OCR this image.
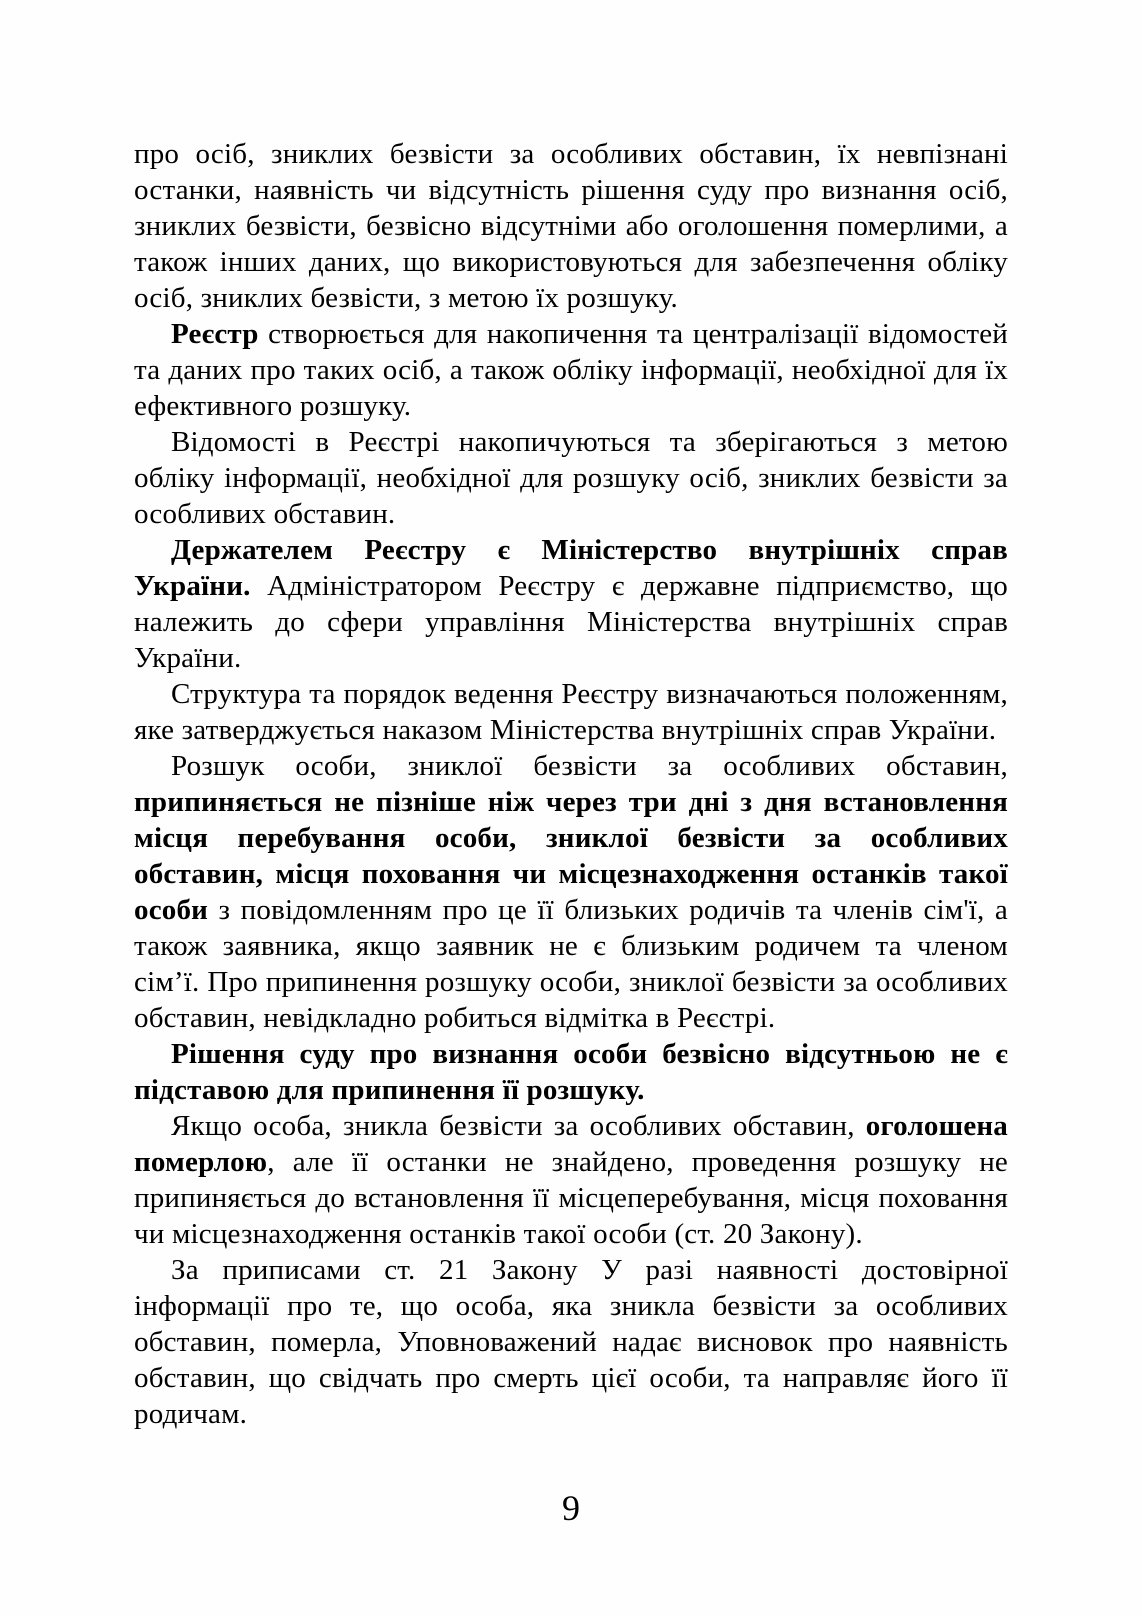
про осіб, зниклих безвісти за особливих обставин, їх невпізнані останки, наявність чи відсутність рішення суду про визнання осіб, зниклих безвісти, безвісно відсутніми або оголошення померлими, а також інших даних, що використовуються для забезпечення обліку осіб, зниклих безвісти, з метою їх розшуку.

Реєстр створюється для накопичення та централізації відомостей та даних про таких осіб, а також обліку інформації, необхідної для їх ефективного розшуку.

Відомості в Реєстрі накопичуються та зберігаються з метою обліку інформації, необхідної для розшуку осіб, зниклих безвісти за особливих обставин.

Держателем Реєстру є Міністерство внутрішніх справ України. Адміністратором Реєстру є державне підприємство, що належить до сфери управління Міністерства внутрішніх справ України.

Структура та порядок ведення Реєстру визначаються положенням, яке затверджується наказом Міністерства внутрішніх справ України.

Розшук особи, зниклої безвісти за особливих обставин, припиняється не пізніше ніж через три дні з дня встановлення місця перебування особи, зниклої безвісти за особливих обставин, місця поховання чи місцезнаходження останків такої особи з повідомленням про це її близьких родичів та членів сім'ї, а також заявника, якщо заявник не є близьким родичем та членом сім’ї. Про припинення розшуку особи, зниклої безвісти за особливих обставин, невідкладно робиться відмітка в Реєстрі.

Рішення суду про визнання особи безвісно відсутньою не є підставою для припинення її розшуку.

Якщо особа, зникла безвісти за особливих обставин, оголошена померлою, але її останки не знайдено, проведення розшуку не припиняється до встановлення її місцеперебування, місця поховання чи місцезнаходження останків такої особи (ст. 20 Закону).

За приписами ст. 21 Закону У разі наявності достовірної інформації про те, що особа, яка зникла безвісти за особливих обставин, померла, Уповноважений надає висновок про наявність обставин, що свідчать про смерть цієї особи, та направляє його її родичам.

9
